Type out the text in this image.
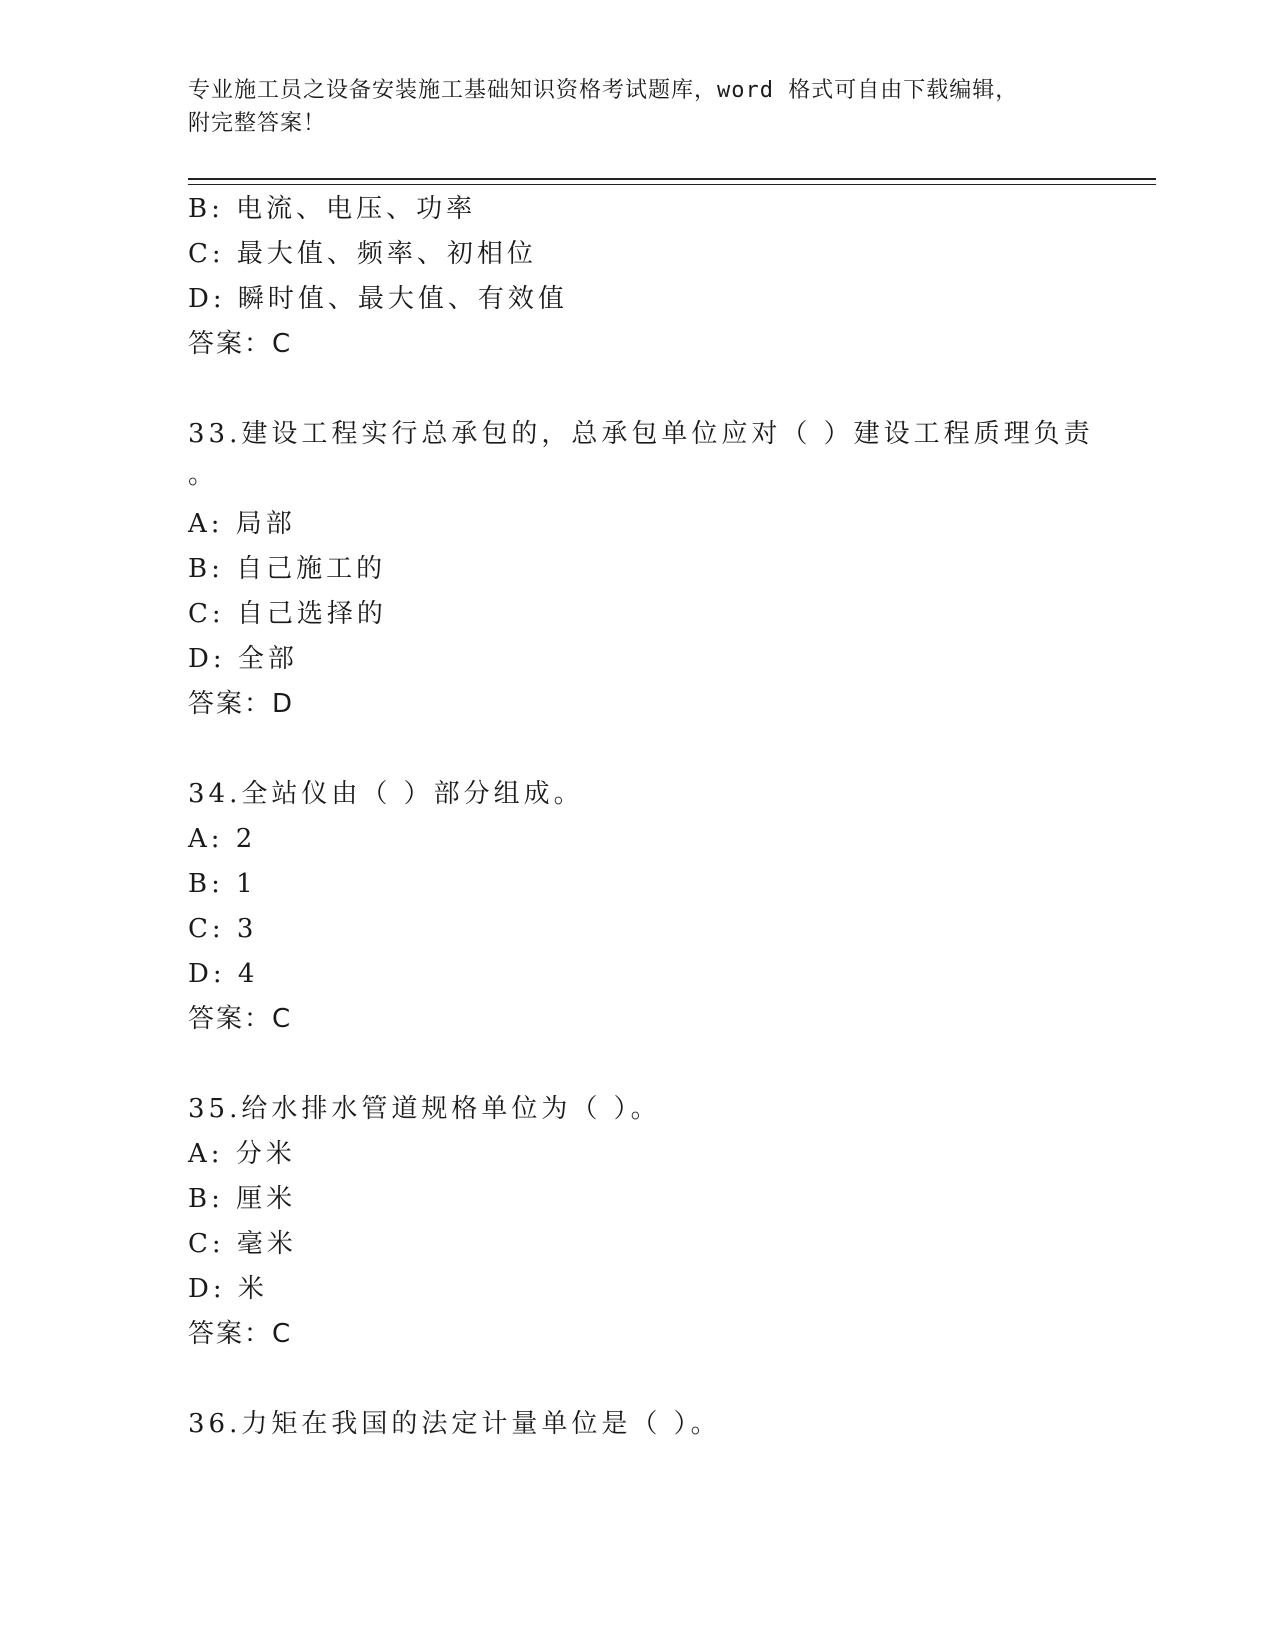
专业施工员之设备安装施工基础知识资格考试题库，word 格式可自由下载编辑，
附完整答案！
B: 电流、电压、功率
C: 最大值、频率、初相位
D: 瞬时值、最大值、有效值
答案：C
33.建设工程实行总承包的，总承包单位应对（ ）建设工程质理负责
。
A: 局部
B: 自己施工的
C: 自己选择的
D: 全部
答案：D
34.全站仪由（ ）部分组成。
A: 2
B: 1
C: 3
D: 4
答案：C
35.给水排水管道规格单位为（ ）。
A: 分米
B: 厘米
C: 毫米
D: 米
答案：C
36.力矩在我国的法定计量单位是（ ）。
